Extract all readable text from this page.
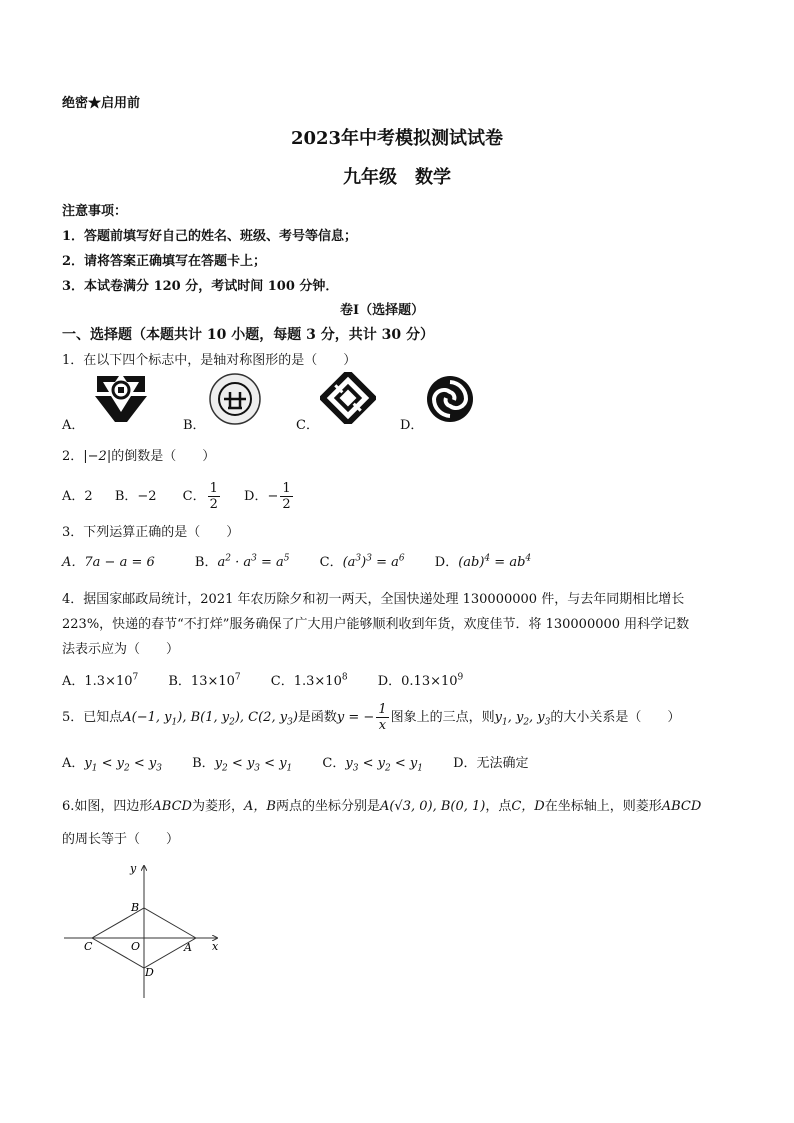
绝密★启用前
2023年中考模拟测试试卷
九年级　数学
注意事项：
1．答题前填写好自己的姓名、班级、考号等信息；
2．请将答案正确填写在答题卡上；
3．本试卷满分 120 分，考试时间 100 分钟．
卷Ⅰ（选择题）
一、选择题（本题共计 10 小题，每题 3 分，共计 30 分）
1．在以下四个标志中，是轴对称图形的是（　　）
A．	B．	C．	D．
2．|−2|的倒数是（　　）
A．2 B．−2 C． $\frac{1}{2}$ D．− $\frac{1}{2}$
3．下列运算正确的是（　　）
A．7a − a = 6	B．$a^2 \cdot a^3 = a^5$ C．$(a^3)^3 = a^6$ D．$(ab)^4 = ab^4$
4．据国家邮政局统计，2021 年农历除夕和初一两天，全国快递处理 130000000 件，与去年同期相比增长
223%，快递的春节“不打烊”服务确保了广大用户能够顺利收到年货，欢度佳节．将 130000000 用科学记数
法表示应为（　　）
A．$1.3\times 10^7$ B．$13\times 10^7$ C．$1.3\times 10^8$ D．$0.13\times 10^9$
5．已知点A(−1, $y_1$), B(1, $y_2$), C(2, $y_3$)是函数y = − $\frac{1}{x}$ 图象上的三点，则$y_1$, $y_2$, $y_3$的大小关系是（　　）
A．$y_1 < y_2 < y_3$ B．$y_2 < y_3 < y_1$ C．$y_3 < y_2 < y_1$ D．无法确定
6.如图，四边形ABCD为菱形，A，B两点的坐标分别是A(√3, 0), B(0, 1)，点C，D在坐标轴上，则菱形ABCD
的周长等于（　　）
y
x
B
O
C	A
D
